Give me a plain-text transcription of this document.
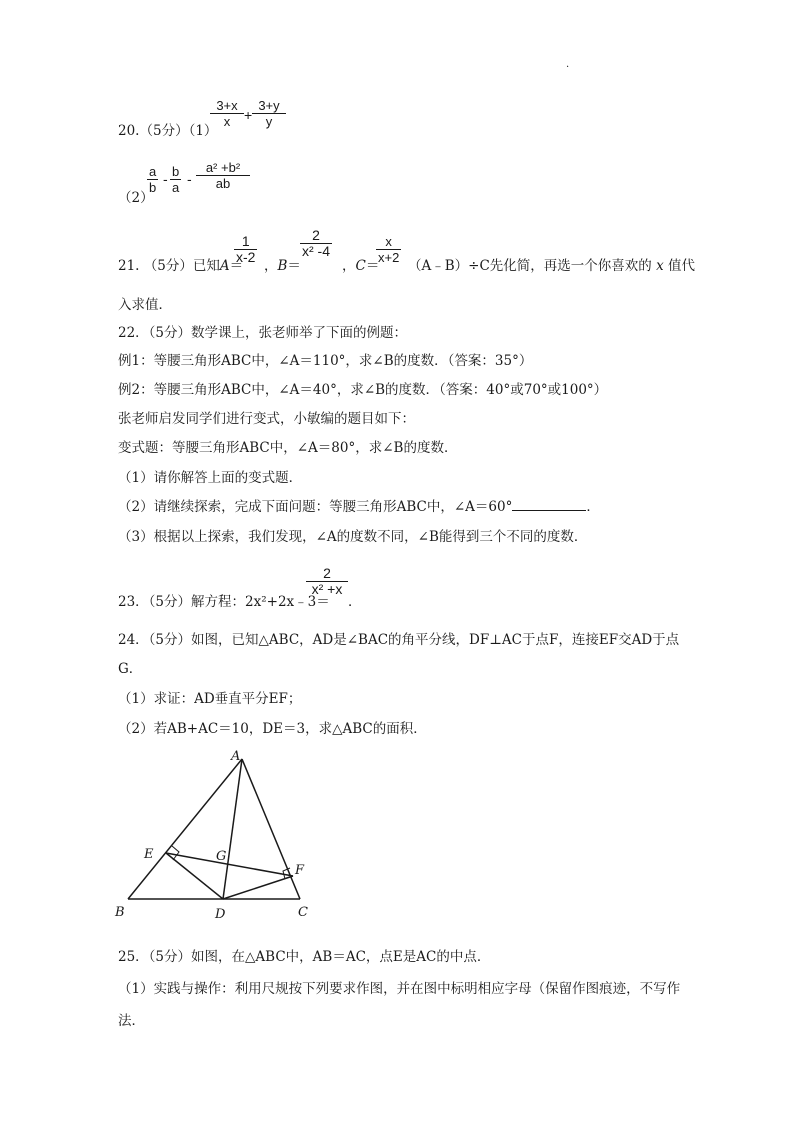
.
20.（5分）（1）
$\frac{3+x}{x} + \frac{3+y}{y}$
（2）
$\frac{a}{b} - \frac{b}{a} - \frac{\text{a² +b²}}{ab}$
21. （5分）已知A＝
$\frac{1}{x-2}$
，B＝
$\frac{2}{\text{x² -4}}$
，C＝
$\frac{x}{x+2}$
（A﹣B）÷C先化简，再选一个你喜欢的 x 值代
入求值．
22．（5分）数学课上，张老师举了下面的例题：
例1：等腰三角形ABC中，∠A＝110°，求∠B的度数．（答案：35°）
例2：等腰三角形ABC中，∠A＝40°，求∠B的度数．（答案：40°或70°或100°）
张老师启发同学们进行变式，小敏编的题目如下：
变式题：等腰三角形ABC中，∠A＝80°，求∠B的度数．
（1）请你解答上面的变式题．
（2）请继续探索，完成下面问题：等腰三角形ABC中，∠A＝60°	．
（3）根据以上探索，我们发现，∠A的度数不同，∠B能得到三个不同的度数．
23．（5分）解方程：2x²+2x﹣3＝
$\frac{2}{\text{x² +x}}$
．
24．（5分）如图，已知△ABC，AD是∠BAC的角平分线，DF⊥AC于点F，连接EF交AD于点
G．
（1）求证：AD垂直平分EF；
（2）若AB+AC＝10，DE＝3，求△ABC的面积．
A
B	C
D
E
F
G
25．（5分）如图，在△ABC中，AB＝AC，点E是AC的中点．
（1）实践与操作：利用尺规按下列要求作图，并在图中标明相应字母（保留作图痕迹，不写作
法．
